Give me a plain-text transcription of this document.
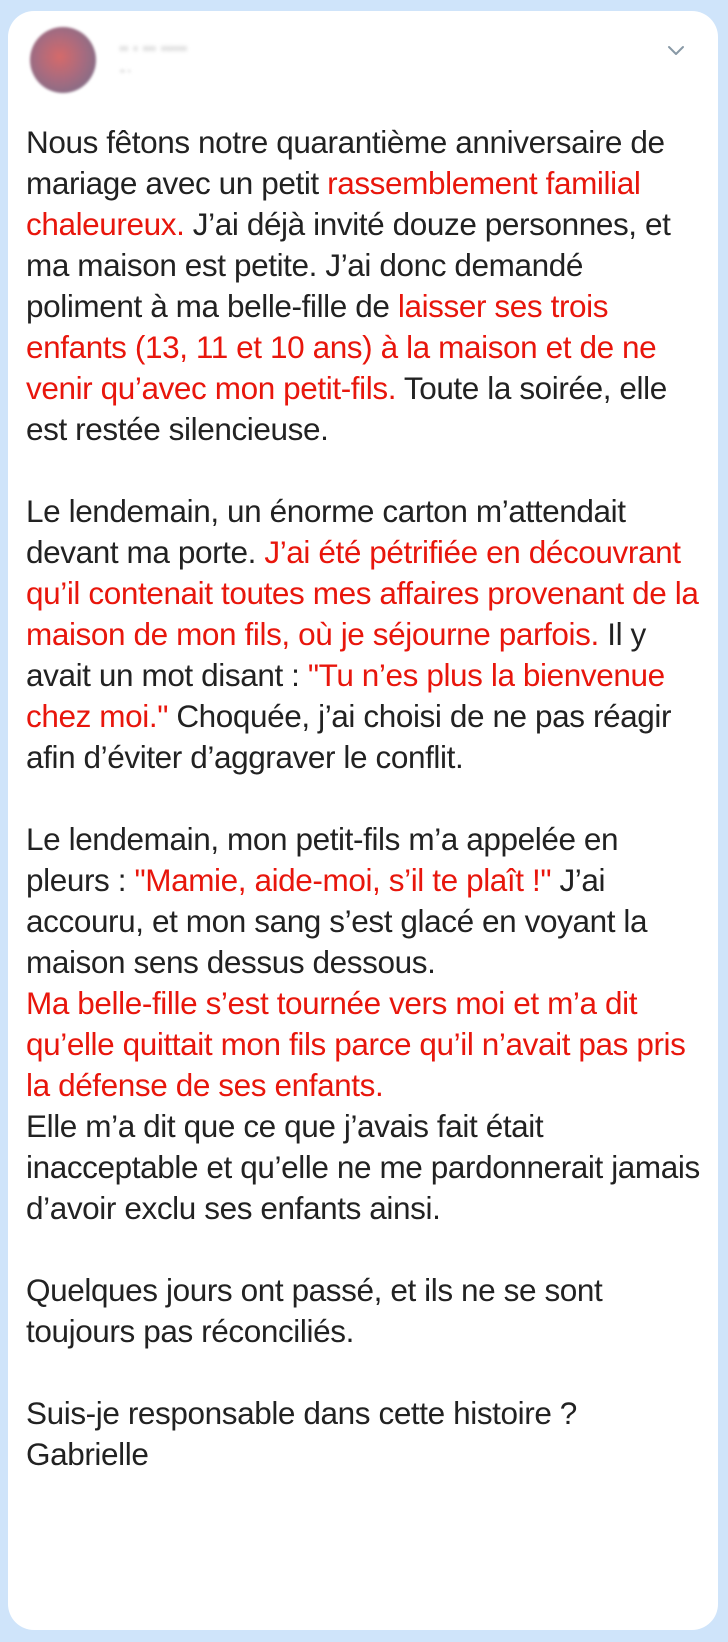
ʼʼ ʼ ʼʼʼ ʼʼʼʼʼʼ
ʼʼ ʼ

Nous fêtons notre quarantième anniversaire de mariage avec un petit rassemblement familial chaleureux. J’ai déjà invité douze personnes, et ma maison est petite. J’ai donc demandé poliment à ma belle-fille de laisser ses trois enfants (13, 11 et 10 ans) à la maison et de ne venir qu’avec mon petit-fils. Toute la soirée, elle est restée silencieuse.

Le lendemain, un énorme carton m’attendait devant ma porte. J’ai été pétrifiée en découvrant qu’il contenait toutes mes affaires provenant de la maison de mon fils, où je séjourne parfois. Il y avait un mot disant : "Tu n’es plus la bienvenue chez moi." Choquée, j’ai choisi de ne pas réagir afin d’éviter d’aggraver le conflit.

Le lendemain, mon petit-fils m’a appelée en pleurs : "Mamie, aide-moi, s’il te plaît !" J’ai accouru, et mon sang s’est glacé en voyant la maison sens dessus dessous.
Ma belle-fille s’est tournée vers moi et m’a dit qu’elle quittait mon fils parce qu’il n’avait pas pris la défense de ses enfants.
Elle m’a dit que ce que j’avais fait était inacceptable et qu’elle ne me pardonnerait jamais d’avoir exclu ses enfants ainsi.

Quelques jours ont passé, et ils ne se sont toujours pas réconciliés.

Suis-je responsable dans cette histoire ?
Gabrielle
